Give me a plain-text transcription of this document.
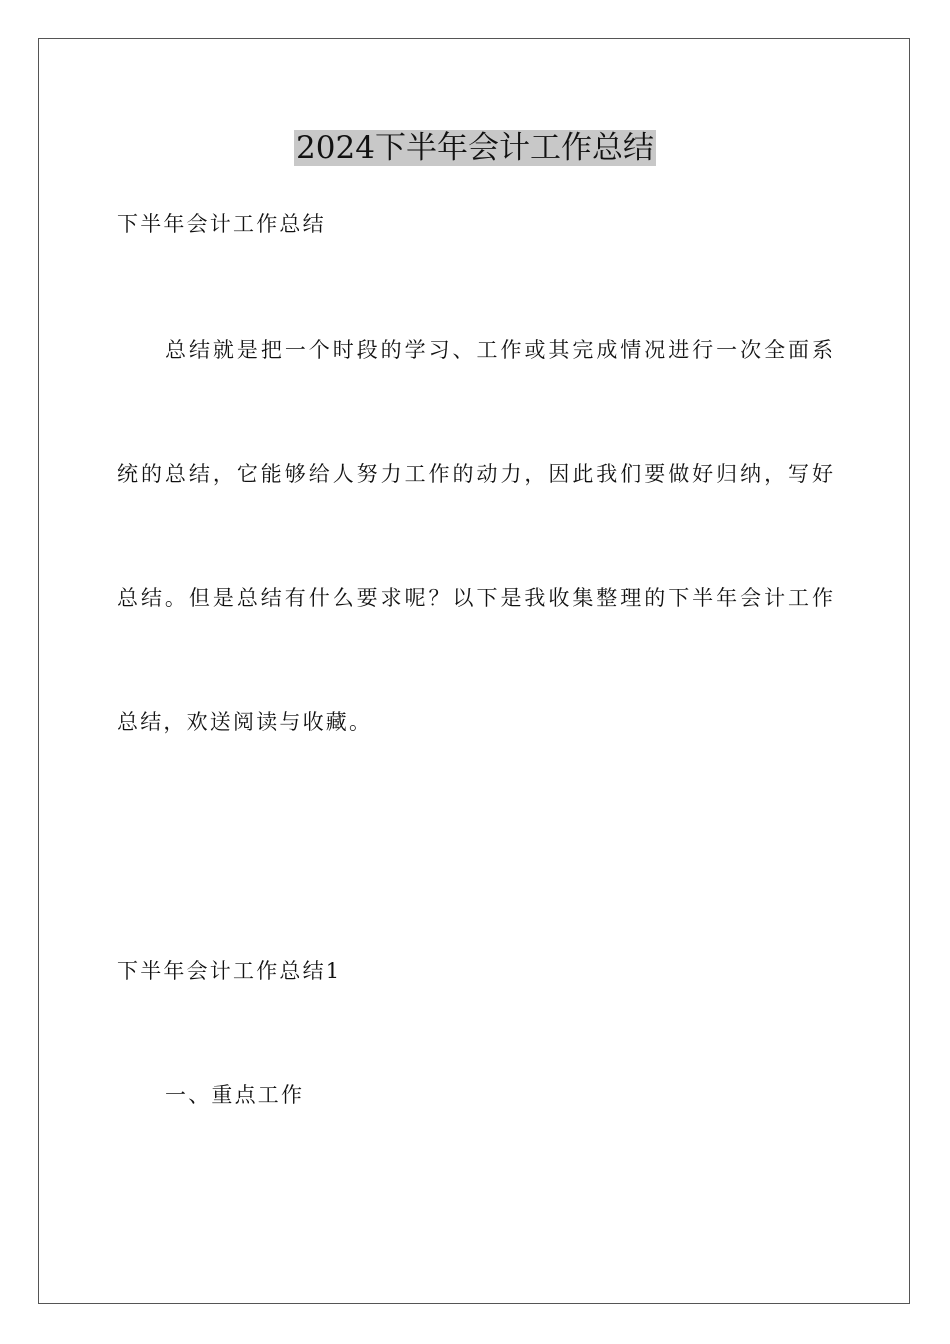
2024下半年会计工作总结
下半年会计工作总结
总结就是把一个时段的学习、工作或其完成情况进行一次全面系
统的总结，它能够给人努力工作的动力，因此我们要做好归纳，写好
总结。但是总结有什么要求呢？以下是我收集整理的下半年会计工作
总结，欢送阅读与收藏。
下半年会计工作总结1
一、重点工作
